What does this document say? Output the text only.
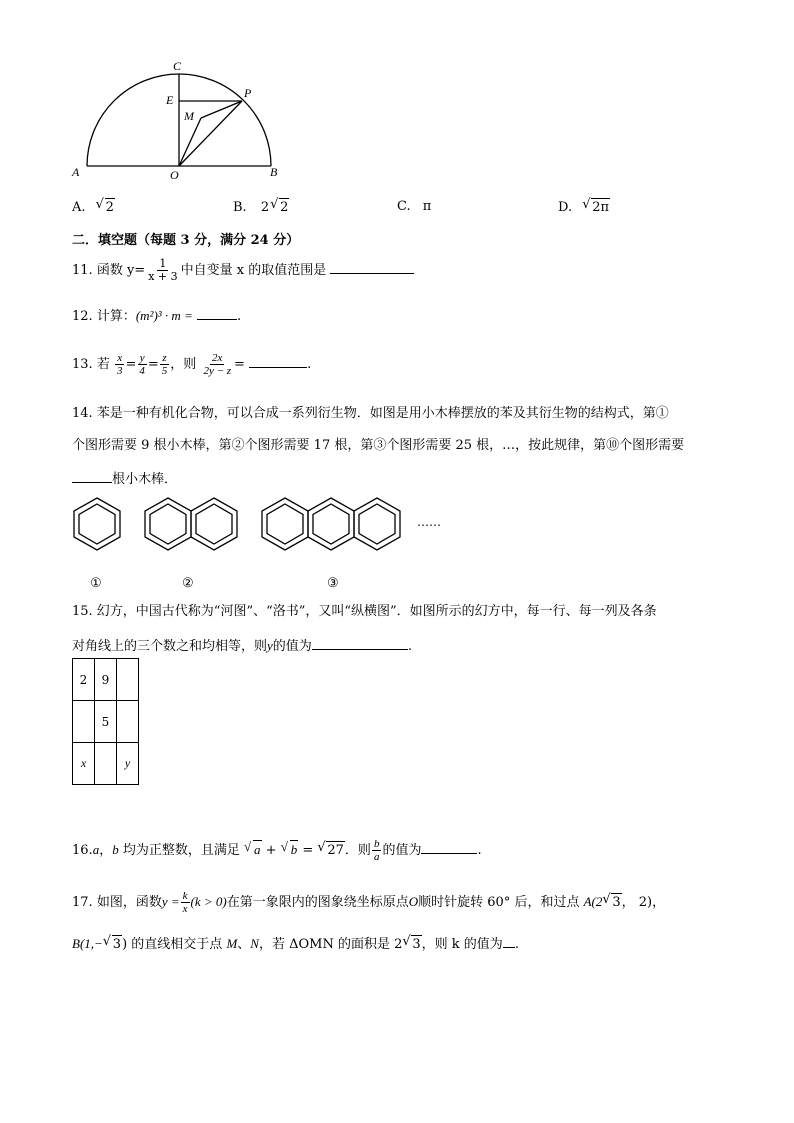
C
E	P
M
A	O	B
A. √ 2	B. 2 √ 2	C. π	D. √ 2π
二．填空题（每题 3 分，满分 24 分）
11. 函数 $y= \frac{1}{x + 3}$ 中自变量 x 的取值范围是
12. 计算：(m²)³ · m =	.
13. 若 $\frac{x}{3} = \frac{y}{4} = \frac{z}{5}$ ，则 $\frac{2x}{2y - z}$ =	.
14. 苯是一种有机化合物，可以合成一系列衍生物．如图是用小木棒摆放的苯及其衍生物的结构式，第①
个图形需要 9 根小木棒，第②个图形需要 17 根，第③个图形需要 25 根，…，按此规律，第⑩个图形需要
根小木棒．
……
①	②	③
15. 幻方，中国古代称为“河图”、“洛书”，又叫“纵横图”．如图所示的幻方中，每一行、每一列及各条
对角线上的三个数之和均相等，则y的值为	.
2	9	
	5	
x		y
16.a，b 均为正整数，且满足 √ a + √ b = √ 27．则 $\frac{b}{a}$ 的值为	.
17. 如图，函数$y = \frac{k}{x} (k > 0)$在第一象限内的图象绕坐标原点O顺时针旋转 60° 后，和过点 A(2 √ 3， 2)，
B(1,− √ 3) 的直线相交于点 M、N，若 ΔOMN 的面积是 2 √ 3，则 k 的值为 .
